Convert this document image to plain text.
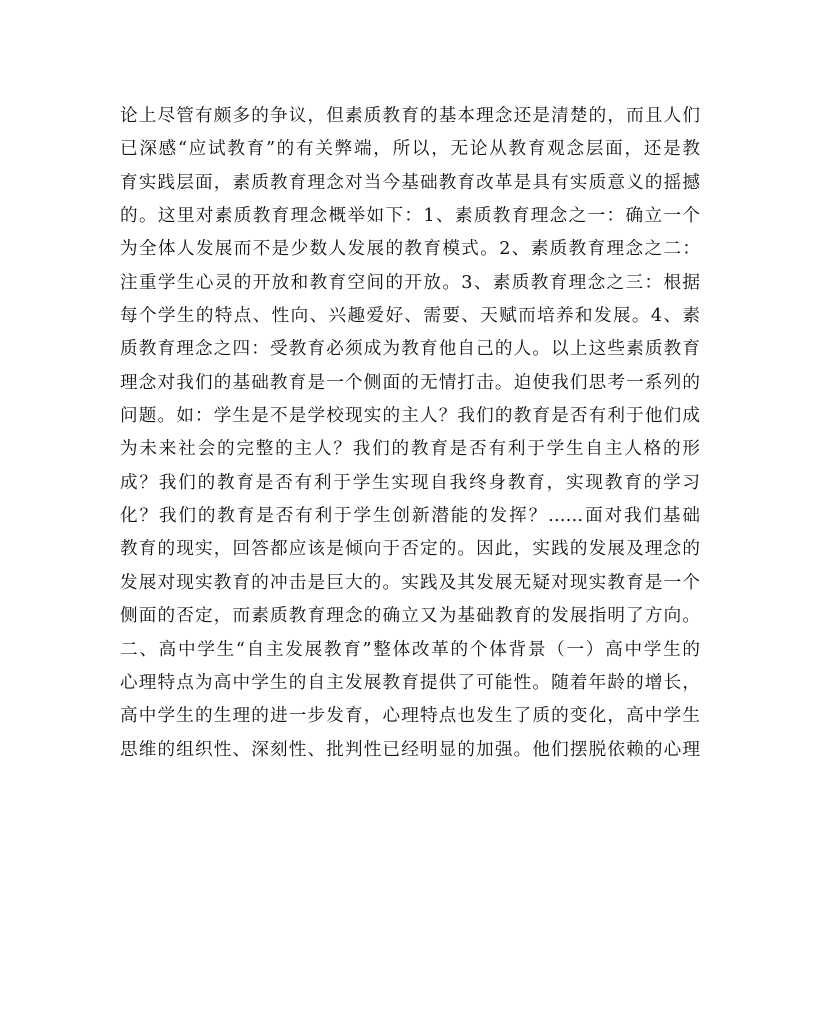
论上尽管有颇多的争议，但素质教育的基本理念还是清楚的，而且人们
已深感“应试教育”的有关弊端，所以，无论从教育观念层面，还是教
育实践层面，素质教育理念对当今基础教育改革是具有实质意义的摇撼
的。这里对素质教育理念概举如下：1、素质教育理念之一：确立一个
为全体人发展而不是少数人发展的教育模式。2、素质教育理念之二：
注重学生心灵的开放和教育空间的开放。3、素质教育理念之三：根据
每个学生的特点、性向、兴趣爱好、需要、天赋而培养和发展。4、素
质教育理念之四：受教育必须成为教育他自己的人。以上这些素质教育
理念对我们的基础教育是一个侧面的无情打击。迫使我们思考一系列的
问题。如：学生是不是学校现实的主人？我们的教育是否有利于他们成
为未来社会的完整的主人？我们的教育是否有利于学生自主人格的形
成？我们的教育是否有利于学生实现自我终身教育，实现教育的学习
化？我们的教育是否有利于学生创新潜能的发挥？……面对我们基础
教育的现实，回答都应该是倾向于否定的。因此，实践的发展及理念的
发展对现实教育的冲击是巨大的。实践及其发展无疑对现实教育是一个
侧面的否定，而素质教育理念的确立又为基础教育的发展指明了方向。
二、高中学生“自主发展教育”整体改革的个体背景（一）高中学生的
心理特点为高中学生的自主发展教育提供了可能性。随着年龄的增长，
高中学生的生理的进一步发育，心理特点也发生了质的变化，高中学生
思维的组织性、深刻性、批判性已经明显的加强。他们摆脱依赖的心理
